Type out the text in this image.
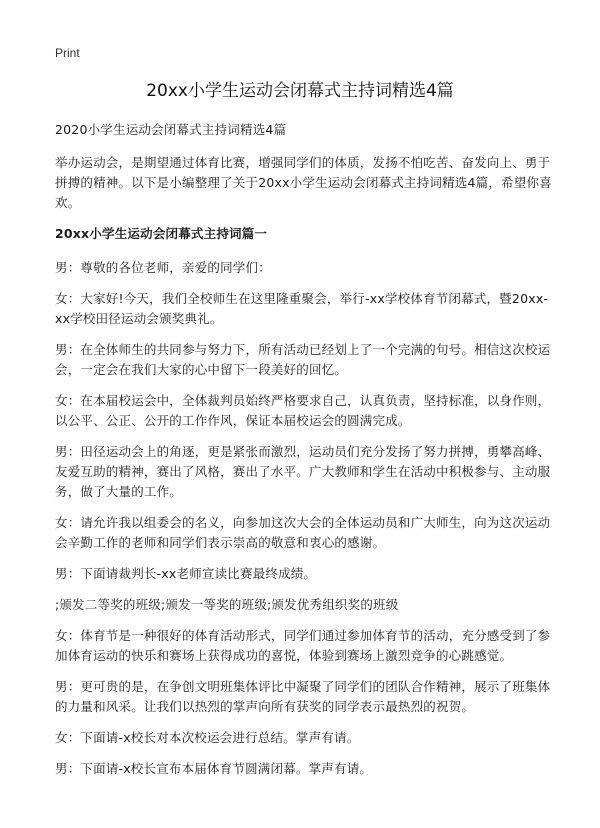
Print
20xx小学生运动会闭幕式主持词精选4篇

2020小学生运动会闭幕式主持词精选4篇

举办运动会，是期望通过体育比赛，增强同学们的体质，发扬不怕吃苦、奋发向上、勇于拼搏的精神。以下是小编整理了关于20xx小学生运动会闭幕式主持词精选4篇，希望你喜欢。

20xx小学生运动会闭幕式主持词篇一

男：尊敬的各位老师，亲爱的同学们：

女：大家好!今天，我们全校师生在这里隆重聚会，举行-xx学校体育节闭幕式，暨20xx-xx学校田径运动会颁奖典礼。

男：在全体师生的共同参与努力下，所有活动已经划上了一个完满的句号。相信这次校运会，一定会在我们大家的心中留下一段美好的回忆。

女：在本届校运会中，全体裁判员始终严格要求自己，认真负责，坚持标准，以身作则，以公平、公正、公开的工作作风，保证本届校运会的圆满完成。

男：田径运动会上的角逐，更是紧张而激烈，运动员们充分发扬了努力拼搏，勇攀高峰、友爱互助的精神，赛出了风格，赛出了水平。广大教师和学生在活动中积极参与、主动服务，做了大量的工作。

女：请允许我以组委会的名义，向参加这次大会的全体运动员和广大师生，向为这次运动会辛勤工作的老师和同学们表示崇高的敬意和衷心的感谢。

男：下面请裁判长-xx老师宣读比赛最终成绩。

;颁发二等奖的班级;颁发一等奖的班级;颁发优秀组织奖的班级

女：体育节是一种很好的体育活动形式，同学们通过参加体育节的活动，充分感受到了参加体育运动的快乐和赛场上获得成功的喜悦，体验到赛场上激烈竞争的心跳感觉。

男：更可贵的是，在争创文明班集体评比中凝聚了同学们的团队合作精神，展示了班集体的力量和风采。让我们以热烈的掌声向所有获奖的同学表示最热烈的祝贺。

女：下面请-x校长对本次校运会进行总结。掌声有请。

男：下面请-x校长宣布本届体育节圆满闭幕。掌声有请。
